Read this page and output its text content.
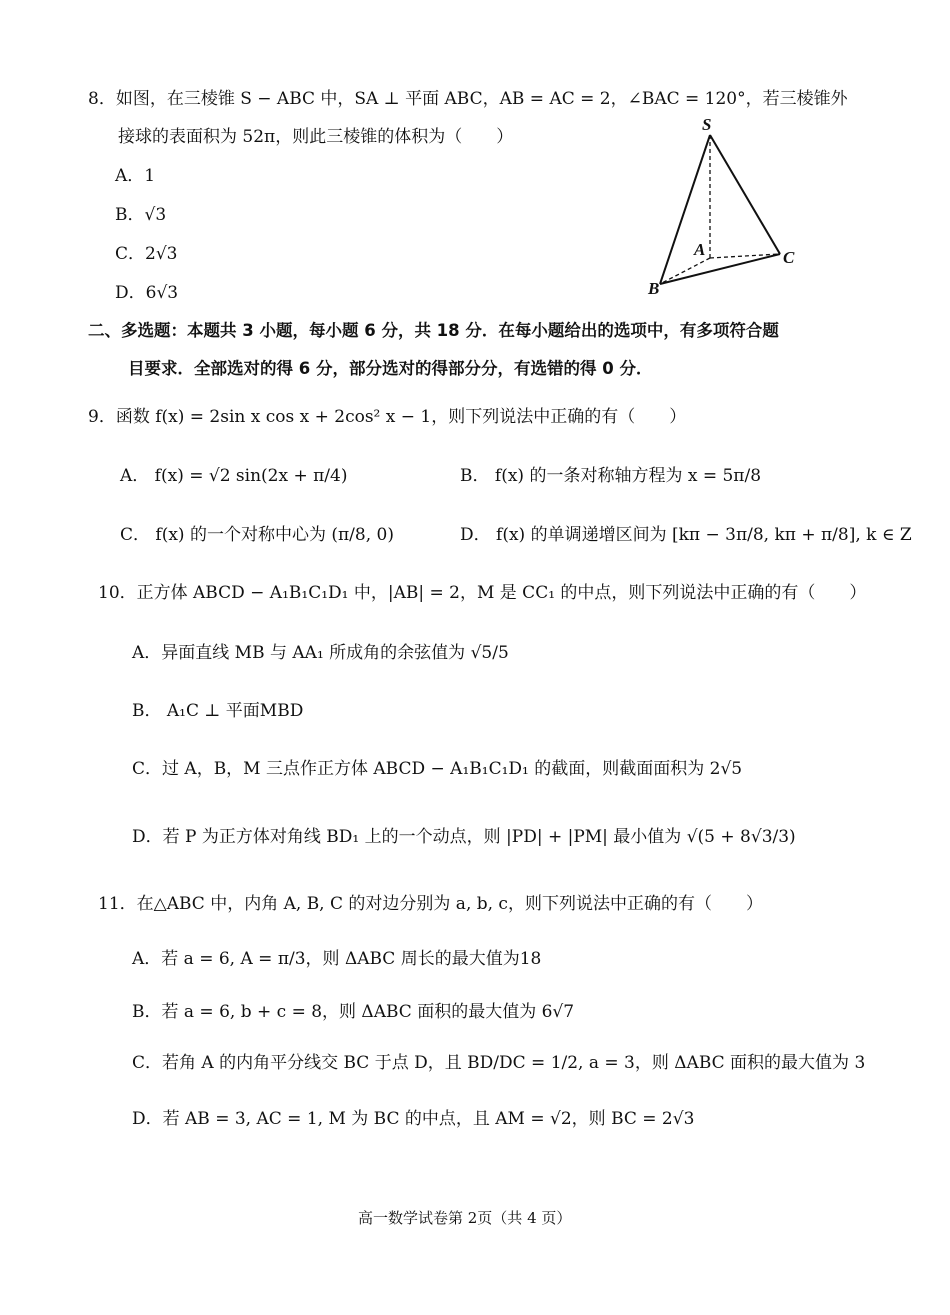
8．如图，在三棱锥 S − ABC 中，SA ⊥ 平面 ABC，AB = AC = 2，∠BAC = 120°，若三棱锥外
接球的表面积为 52π，则此三棱锥的体积为（　　）
A．1
B．√3
C．2√3
D．6√3
S
A
B
C
二、多选题：本题共 3 小题，每小题 6 分，共 18 分．在每小题给出的选项中，有多项符合题
目要求．全部选对的得 6 分，部分选对的得部分分，有选错的得 0 分．
9．函数 f(x) = 2sin x cos x + 2cos² x − 1，则下列说法中正确的有（　　）
A． f(x) = √2 sin(2x + π/4)	B． f(x) 的一条对称轴方程为 x = 5π/8
C． f(x) 的一个对称中心为 (π/8, 0)	D． f(x) 的单调递增区间为 [kπ − 3π/8, kπ + π/8], k ∈ Z
10．正方体 ABCD − A₁B₁C₁D₁ 中，|AB| = 2，M 是 CC₁ 的中点，则下列说法中正确的有（　　）
A．异面直线 MB 与 AA₁ 所成角的余弦值为 √5/5
B． A₁C ⊥ 平面MBD
C．过 A，B，M 三点作正方体 ABCD − A₁B₁C₁D₁ 的截面，则截面面积为 2√5
D．若 P 为正方体对角线 BD₁ 上的一个动点，则 |PD| + |PM| 最小值为 √(5 + 8√3/3)
11．在△ABC 中，内角 A, B, C 的对边分别为 a, b, c，则下列说法中正确的有（　　）
A．若 a = 6, A = π/3，则 ΔABC 周长的最大值为18
B．若 a = 6, b + c = 8，则 ΔABC 面积的最大值为 6√7
C．若角 A 的内角平分线交 BC 于点 D，且 BD/DC = 1/2, a = 3，则 ΔABC 面积的最大值为 3
D．若 AB = 3, AC = 1, M 为 BC 的中点，且 AM = √2，则 BC = 2√3
高一数学试卷第 2页（共 4 页）
